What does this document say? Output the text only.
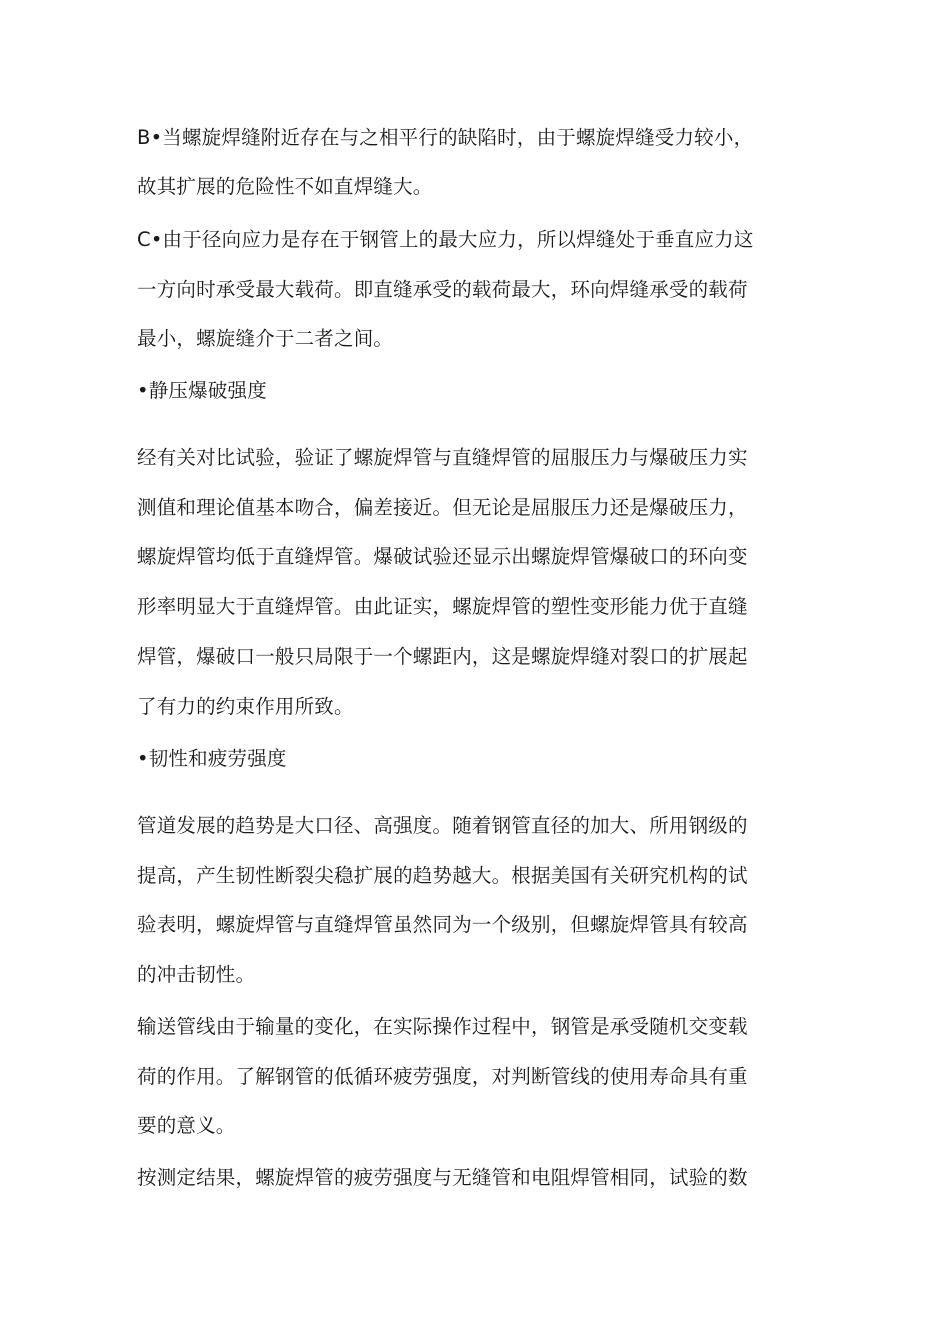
B•当螺旋焊缝附近存在与之相平行的缺陷时，由于螺旋焊缝受力较小，
故其扩展的危险性不如直焊缝大。
C•由于径向应力是存在于钢管上的最大应力，所以焊缝处于垂直应力这
一方向时承受最大载荷。即直缝承受的载荷最大，环向焊缝承受的载荷
最小，螺旋缝介于二者之间。
•静压爆破强度
经有关对比试验，验证了螺旋焊管与直缝焊管的屈服压力与爆破压力实
测值和理论值基本吻合，偏差接近。但无论是屈服压力还是爆破压力，
螺旋焊管均低于直缝焊管。爆破试验还显示出螺旋焊管爆破口的环向变
形率明显大于直缝焊管。由此证实，螺旋焊管的塑性变形能力优于直缝
焊管，爆破口一般只局限于一个螺距内，这是螺旋焊缝对裂口的扩展起
了有力的约束作用所致。
•韧性和疲劳强度
管道发展的趋势是大口径、高强度。随着钢管直径的加大、所用钢级的
提高，产生韧性断裂尖稳扩展的趋势越大。根据美国有关研究机构的试
验表明，螺旋焊管与直缝焊管虽然同为一个级别，但螺旋焊管具有较高
的冲击韧性。
输送管线由于输量的变化，在实际操作过程中，钢管是承受随机交变载
荷的作用。了解钢管的低循环疲劳强度，对判断管线的使用寿命具有重
要的意义。
按测定结果，螺旋焊管的疲劳强度与无缝管和电阻焊管相同，试验的数
